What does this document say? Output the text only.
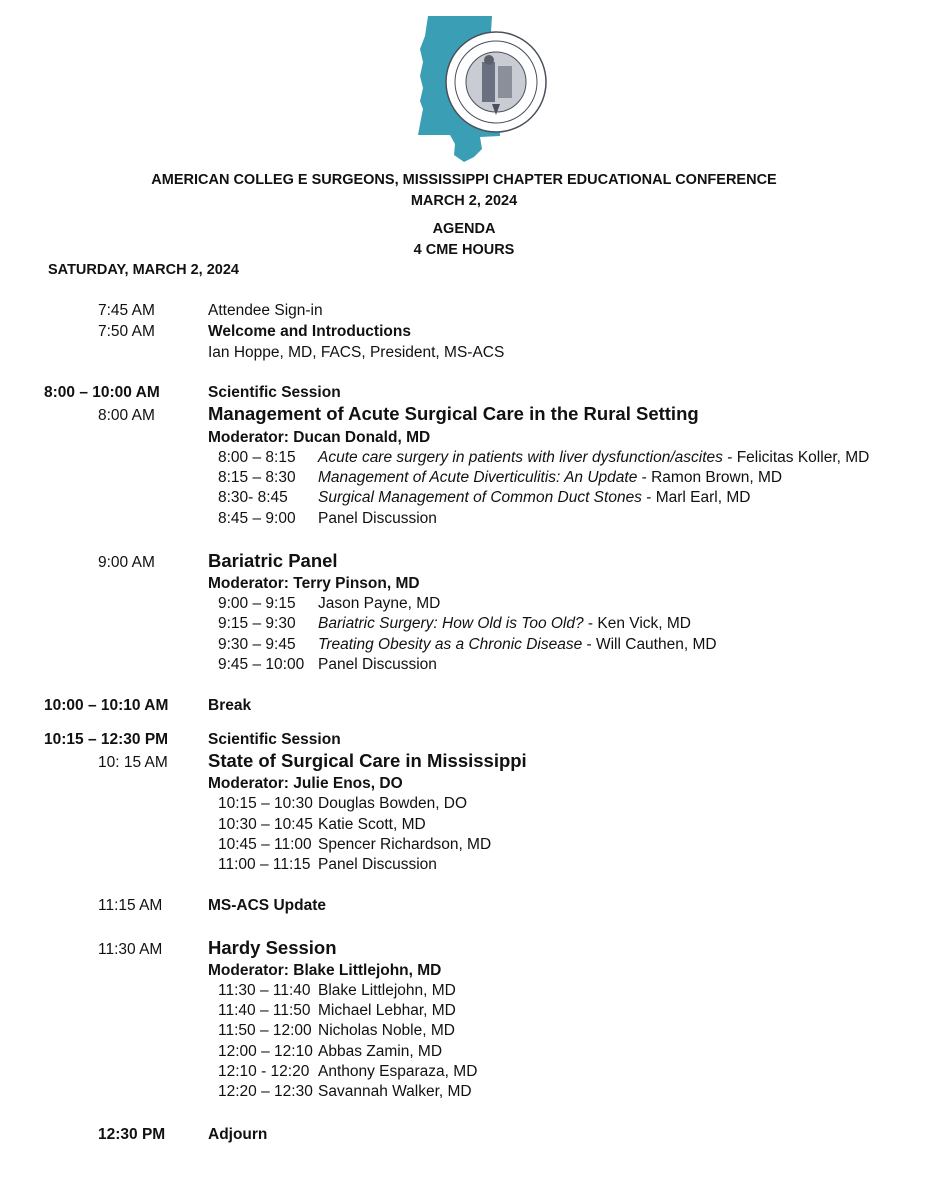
AMERICAN COLLEG E SURGEONS, MISSISSIPPI CHAPTER EDUCATIONAL CONFERENCE
MARCH 2, 2024
AGENDA
4 CME HOURS
SATURDAY, MARCH 2, 2024
7:45 AM	Attendee Sign-in
7:50 AM	Welcome and Introductions
Ian Hoppe, MD, FACS, President, MS-ACS
8:00 – 10:00 AM	Scientific Session
8:00 AM	Management of Acute Surgical Care in the Rural Setting
Moderator: Ducan Donald, MD
8:00 – 8:15 Acute care surgery in patients with liver dysfunction/ascites - Felicitas Koller, MD
8:15 – 8:30 Management of Acute Diverticulitis: An Update - Ramon Brown, MD
8:30- 8:45 Surgical Management of Common Duct Stones - Marl Earl, MD
8:45 – 9:00 Panel Discussion
9:00 AM	Bariatric Panel
Moderator: Terry Pinson, MD
9:00 – 9:15 Jason Payne, MD
9:15 – 9:30 Bariatric Surgery: How Old is Too Old? - Ken Vick, MD
9:30 – 9:45 Treating Obesity as a Chronic Disease - Will Cauthen, MD
9:45 – 10:00 Panel Discussion
10:00 – 10:10 AM	Break
10:15 – 12:30 PM	Scientific Session
10: 15 AM State of Surgical Care in Mississippi
Moderator: Julie Enos, DO
10:15 – 10:30 Douglas Bowden, DO
10:30 – 10:45 Katie Scott, MD
10:45 – 11:00 Spencer Richardson, MD
11:00 – 11:15 Panel Discussion
11:15 AM	MS-ACS Update
11:30 AM Hardy Session
Moderator: Blake Littlejohn, MD
11:30 – 11:40 Blake Littlejohn, MD
11:40 – 11:50 Michael Lebhar, MD
11:50 – 12:00 Nicholas Noble, MD
12:00 – 12:10 Abbas Zamin, MD
12:10 - 12:20 Anthony Esparaza, MD
12:20 – 12:30 Savannah Walker, MD
12:30 PM	Adjourn
